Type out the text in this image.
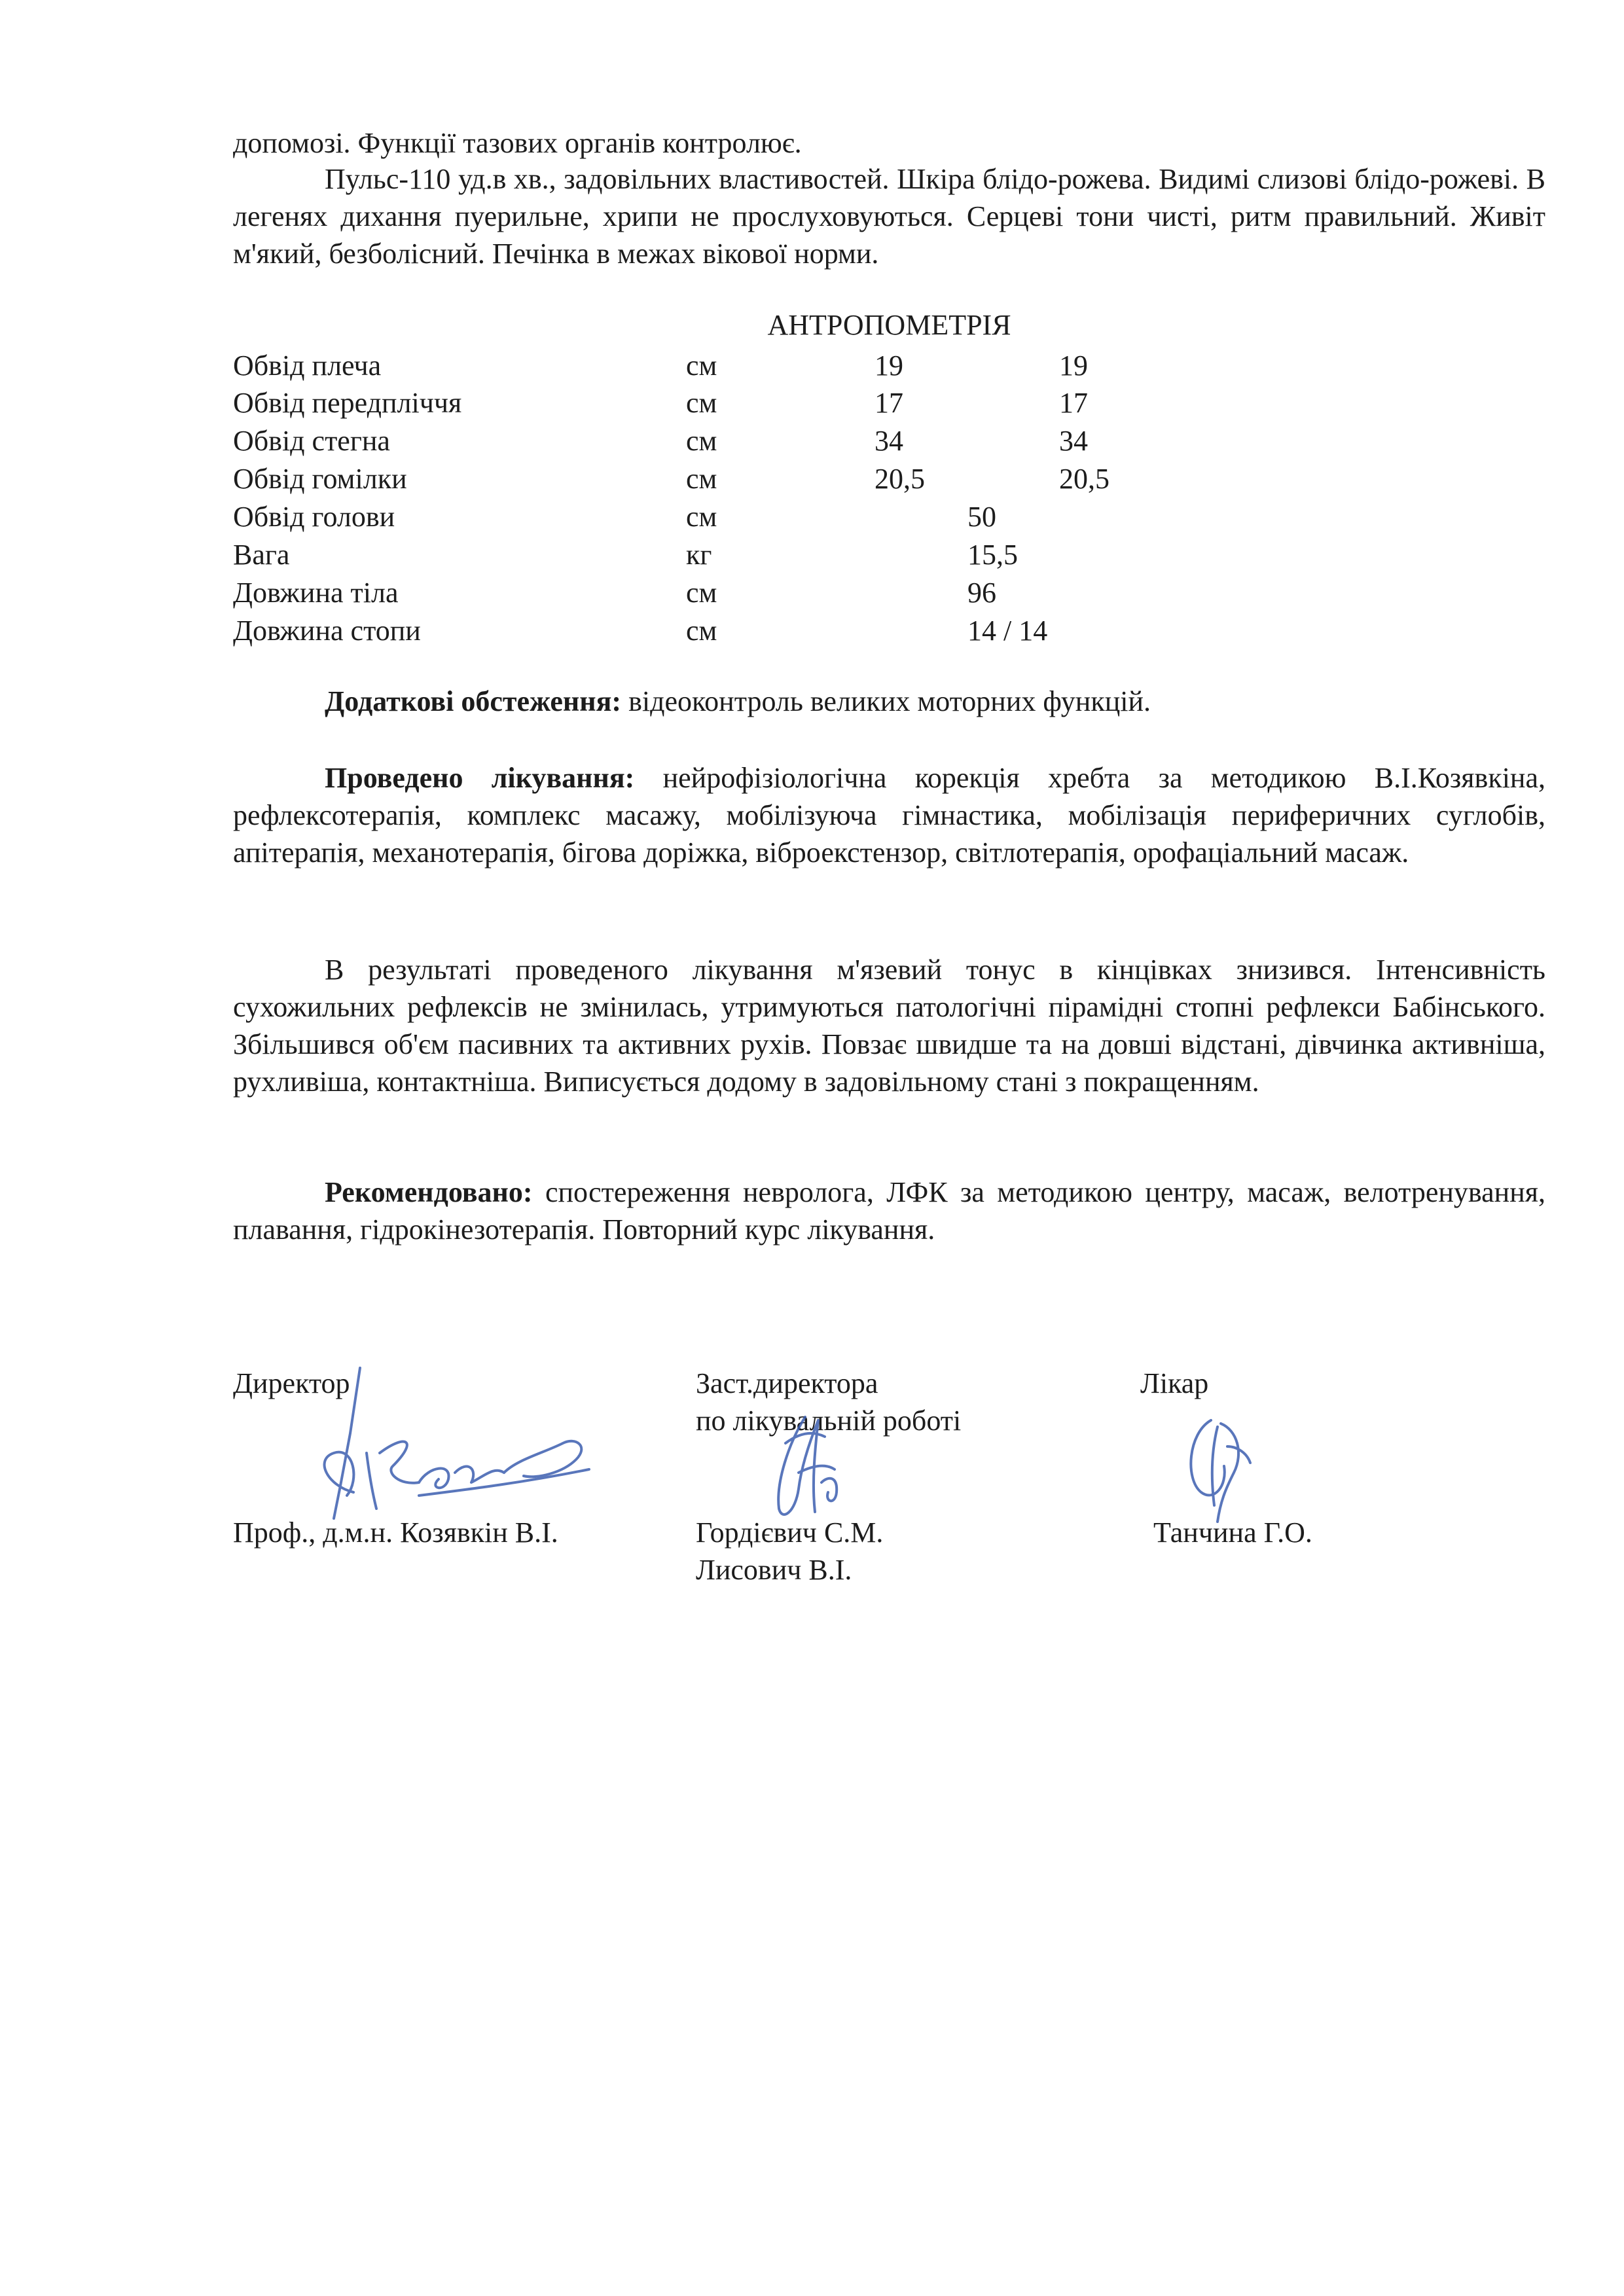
допомозі. Функції тазових органів контролює.
Пульс-110 уд.в хв., задовільних властивостей. Шкіра блідо-рожева. Видимі слизові блідо-рожеві. В легенях дихання пуерильне, хрипи не прослуховуються. Серцеві тони чисті, ритм правильний. Живіт м'який, безболісний. Печінка в межах вікової норми.
АНТРОПОМЕТРІЯ
Обвід плеча	см	19	19
Обвід передпліччя	см	17	17
Обвід стегна	см	34	34
Обвід гомілки	см	20,5	20,5
Обвід голови	см	50
Вага	кг	15,5
Довжина тіла	см	96
Довжина стопи	см	14 / 14
Додаткові обстеження: відеоконтроль великих моторних функцій.
Проведено лікування: нейрофізіологічна корекція хребта за методикою В.І.Козявкіна, рефлексотерапія, комплекс масажу, мобілізуюча гімнастика, мобілізація периферичних суглобів, апітерапія, механотерапія, бігова доріжка, віброекстензор, світлотерапія, орофаціальний масаж.
В результаті проведеного лікування м'язевий тонус в кінцівках знизився. Інтенсивність сухожильних рефлексів не змінилась, утримуються патологічні пірамідні стопні рефлекси Бабінського. Збільшився об'єм пасивних та активних рухів. Повзає швидше та на довші відстані, дівчинка активніша, рухливіша, контактніша. Виписується додому в задовільному стані з покращенням.
Рекомендовано: спостереження невролога, ЛФК за методикою центру, масаж, велотренування, плавання, гідрокінезотерапія. Повторний курс лікування.
Директор
Проф., д.м.н. Козявкін В.І.
Заст.директора
по лікувальній роботі
Гордієвич С.М.
Лисович В.І.
Лікар
Танчина Г.О.
